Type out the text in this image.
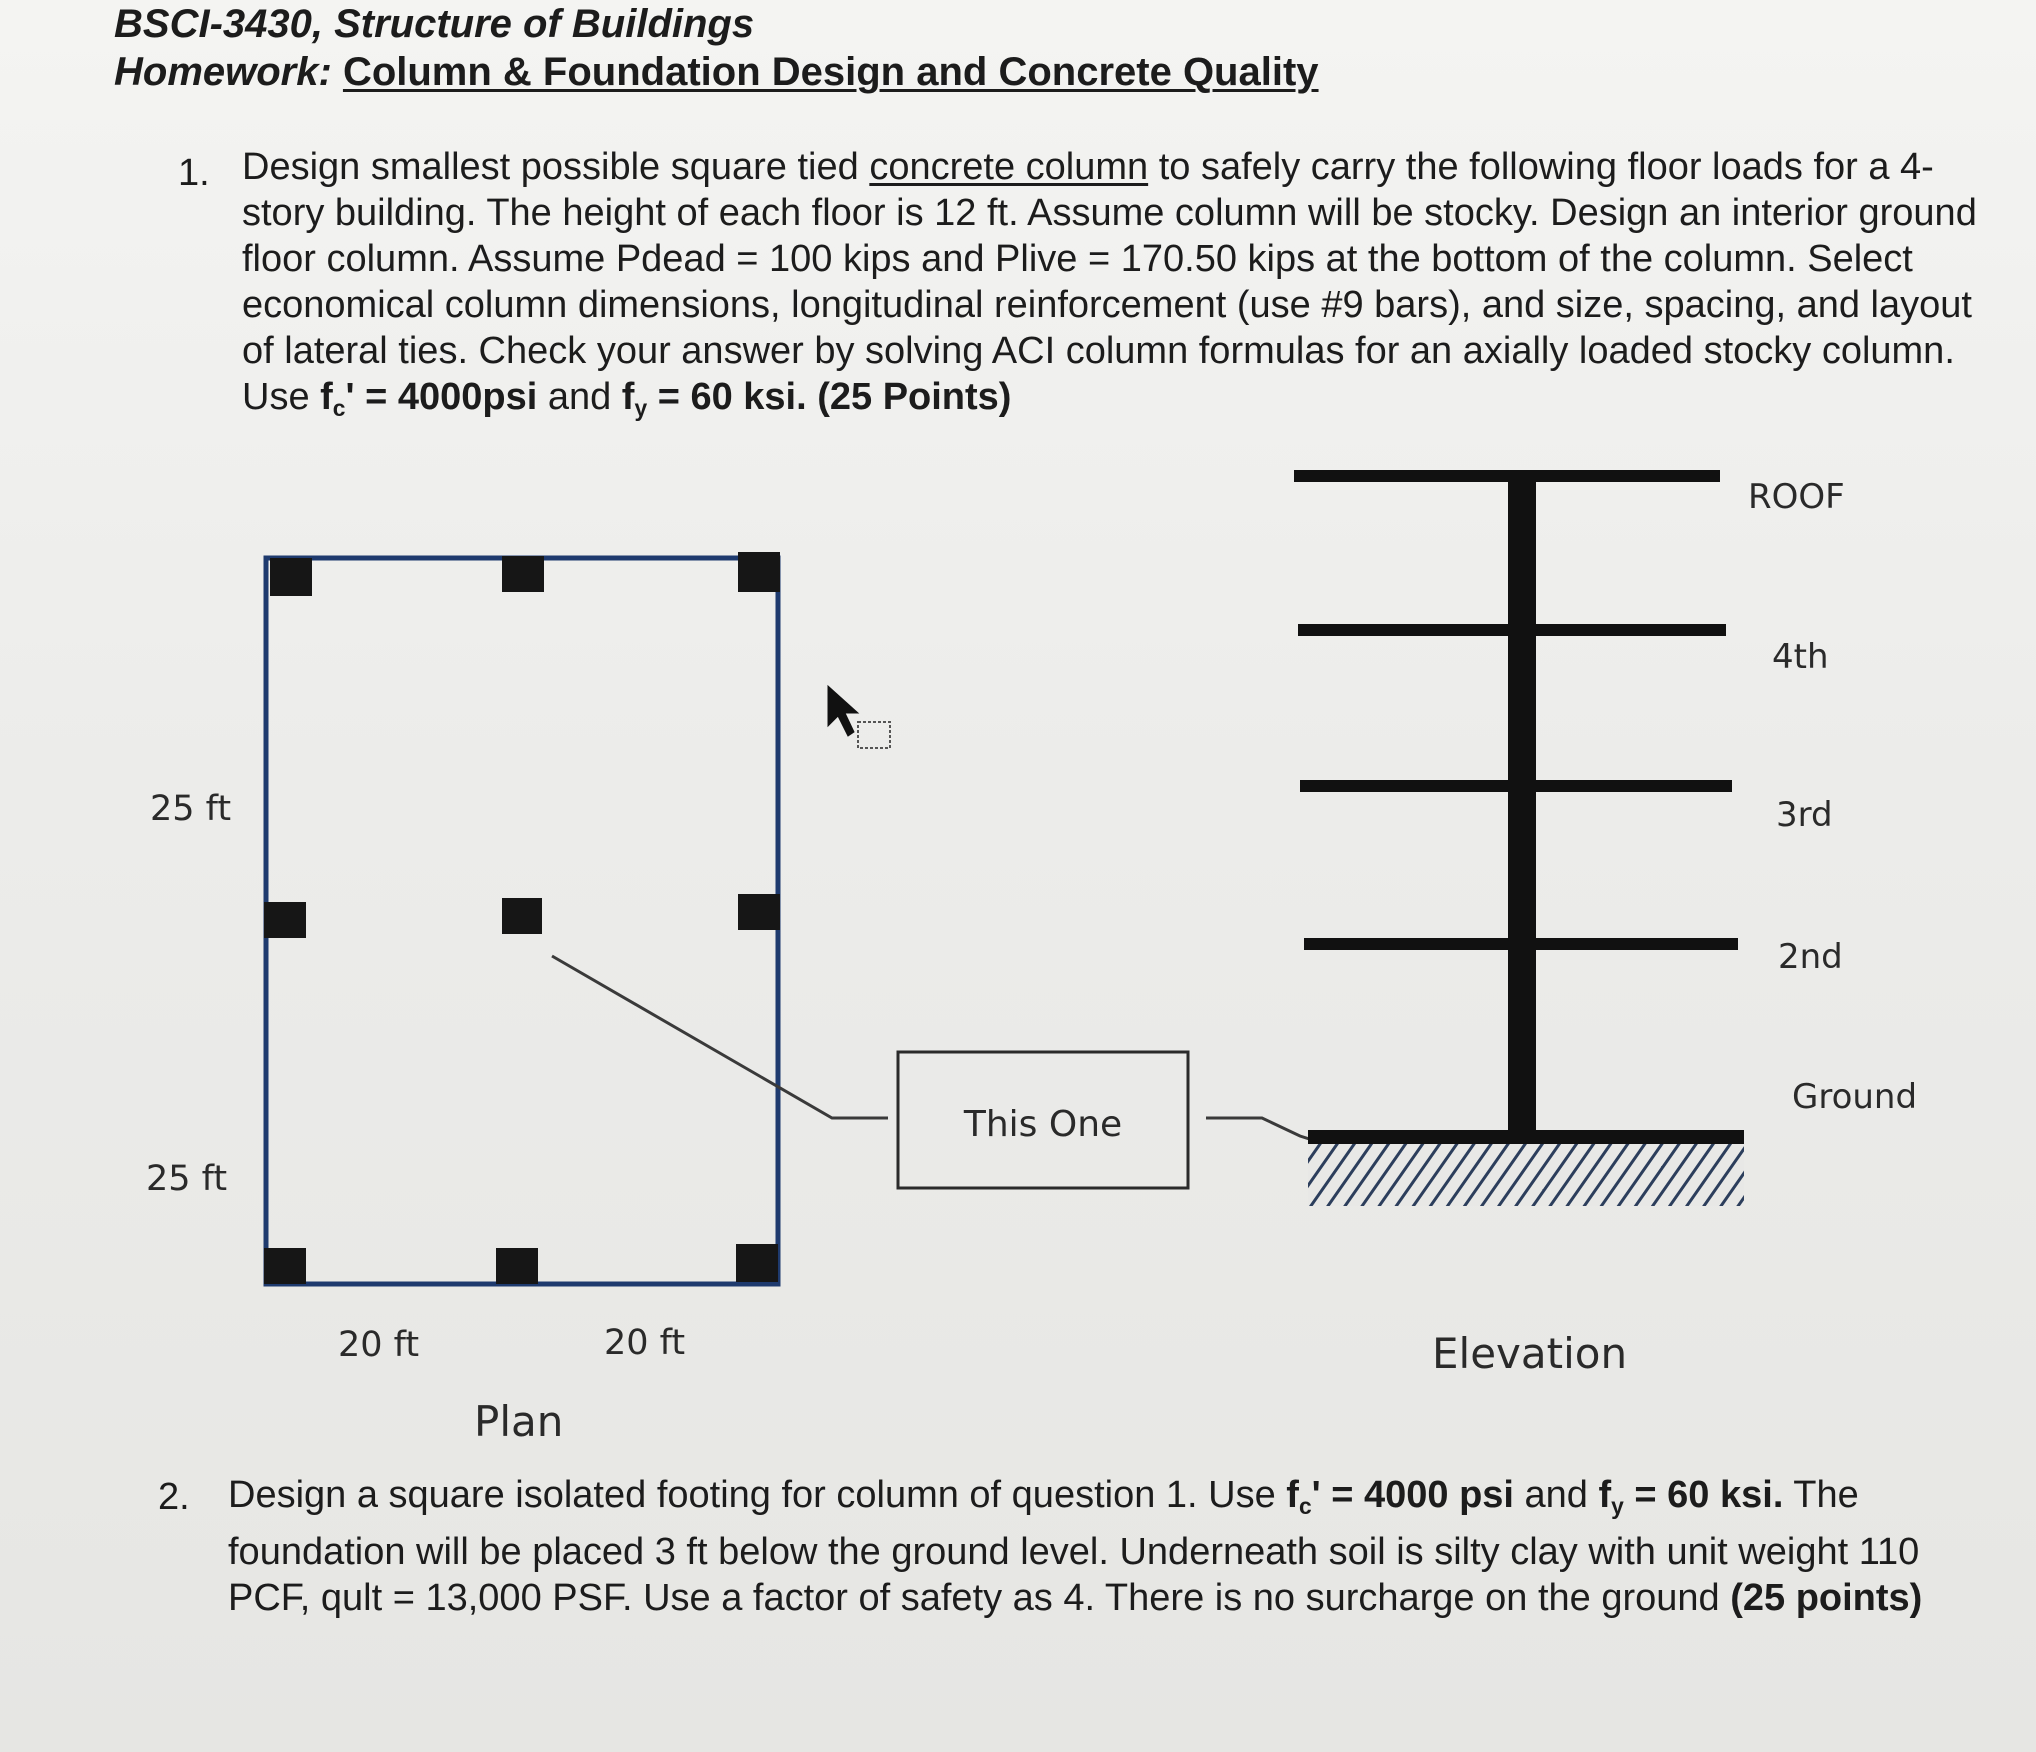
BSCI-3430, Structure of Buildings
Homework: Column & Foundation Design and Concrete Quality
1. Design smallest possible square tied concrete column to safely carry the following floor loads for a 4-story building. The height of each floor is 12 ft. Assume column will be stocky. Design an interior ground floor column. Assume Pdead = 100 kips and Plive = 170.50 kips at the bottom of the column. Select economical column dimensions, longitudinal reinforcement (use #9 bars), and size, spacing, and layout of lateral ties. Check your answer by solving ACI column formulas for an axially loaded stocky column. Use $f_c' = 4000psi$ and $f_y = 60$ ksi. (25 Points)
25 ft
25 ft
20 ft	20 ft
Plan
This One
ROOF
4th
3rd
2nd
Ground
Elevation
2. Design a square isolated footing for column of question 1. Use $f_c' = 4000$ psi and $f_y = 60$ ksi. The foundation will be placed 3 ft below the ground level. Underneath soil is silty clay with unit weight 110 PCF, qult = 13,000 PSF. Use a factor of safety as 4. There is no surcharge on the ground (25 points)
